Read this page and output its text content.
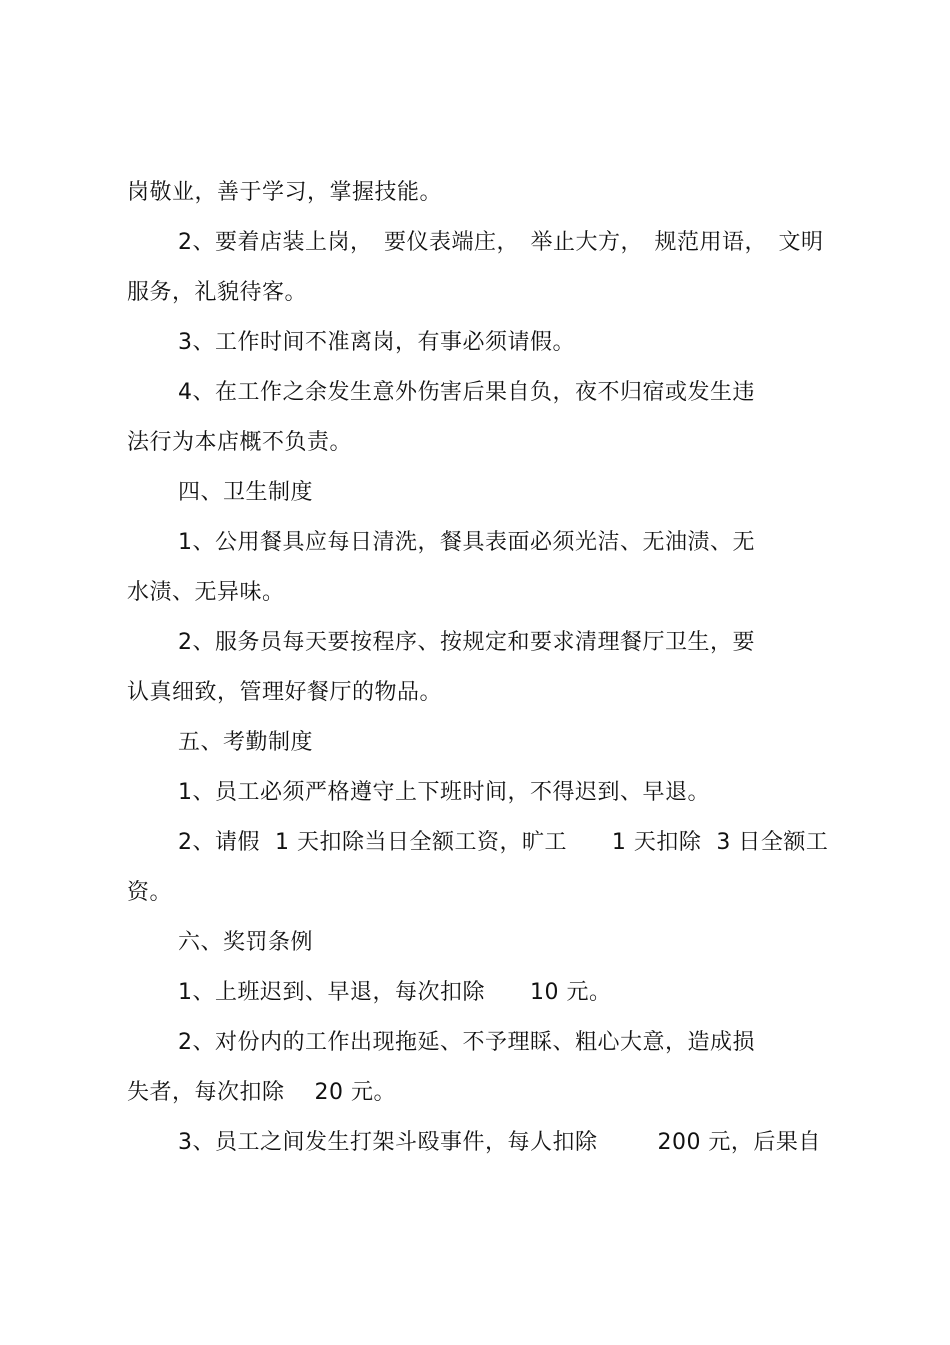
岗敬业，善于学习，掌握技能。
2、要着店装上岗，　要仪表端庄，　举止大方，　规范用语，　文明
服务，礼貌待客。
3、工作时间不准离岗，有事必须请假。
4、在工作之余发生意外伤害后果自负，夜不归宿或发生违
法行为本店概不负责。
四、卫生制度
1、公用餐具应每日清洗，餐具表面必须光洁、无油渍、无
水渍、无异味。
2、服务员每天要按程序、按规定和要求清理餐厅卫生，要
认真细致，管理好餐厅的物品。
五、考勤制度
1、员工必须严格遵守上下班时间，不得迟到、早退。
2、请假  1 天扣除当日全额工资，旷工      1 天扣除  3 日全额工
资。
六、奖罚条例
1、上班迟到、早退，每次扣除      10 元。
2、对份内的工作出现拖延、不予理睬、粗心大意，造成损
失者，每次扣除    20 元。
3、员工之间发生打架斗殴事件，每人扣除        200 元，后果自
